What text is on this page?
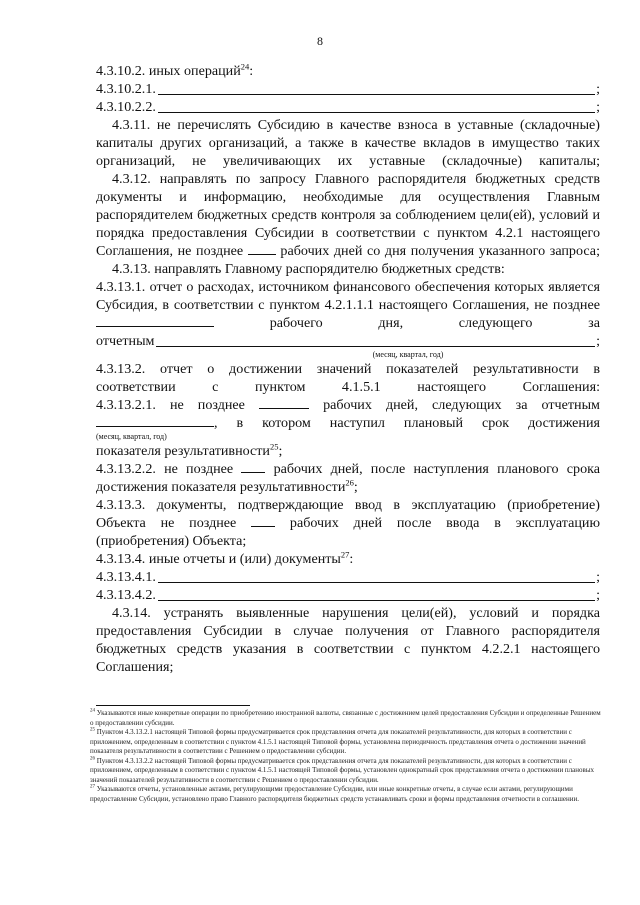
8
4.3.10.2. иных операций$^{24}$:
4.3.10.2.1.	;
4.3.10.2.2.	;
4.3.11. не перечислять Субсидию в качестве взноса в уставные (складочные) капиталы других организаций, а также в качестве вкладов в имущество таких организаций, не увеличивающих их уставные (складочные) капиталы;
4.3.12. направлять по запросу Главного распорядителя бюджетных средств документы и информацию, необходимые для осуществления Главным распорядителем бюджетных средств контроля за соблюдением цели(ей), условий и порядка предоставления Субсидии в соответствии с пунктом 4.2.1 настоящего Соглашения, не позднее	рабочих дней со дня получения указанного запроса;
4.3.13. направлять Главному распорядителю бюджетных средств:
4.3.13.1. отчет о расходах, источником финансового обеспечения которых является Субсидия, в соответствии с пунктом 4.2.1.1.1 настоящего Соглашения, не позднее  рабочего дня, следующего за
отчетным	;
(месяц, квартал, год)
4.3.13.2. отчет о достижении значений показателей результативности в соответствии с пунктом 4.1.5.1 настоящего Соглашения:
4.3.13.2.1. не позднее	рабочих дней, следующих за отчетным
, в котором наступил плановый срок достижения
(месяц, квартал, год)
показателя результативности$^{25}$;
4.3.13.2.2. не позднее	рабочих дней, после наступления планового срока
достижения показателя результативности$^{26}$;
4.3.13.3. документы, подтверждающие ввод в эксплуатацию (приобретение) Объекта не позднее	рабочих дней после ввода в эксплуатацию
(приобретения) Объекта;
4.3.13.4. иные отчеты и (или) документы$^{27}$:
4.3.13.4.1.	;
4.3.13.4.2.	;
4.3.14. устранять выявленные нарушения цели(ей), условий и порядка предоставления Субсидии в случае получения от Главного распорядителя бюджетных средств указания в соответствии с пунктом 4.2.2.1 настоящего Соглашения;

$^{24}$ Указываются иные конкретные операции по приобретению иностранной валюты, связанные с достижением целей предоставления Субсидии и определенные Решением о предоставлении субсидии.

$^{25}$ Пунктом 4.3.13.2.1 настоящей Типовой формы предусматривается срок представления отчета для показателей результативности, для которых в соответствии с приложением, определенным в соответствии с пунктом 4.1.5.1 настоящей Типовой формы, установлена периодичность представления отчета о достижении значений показателя результативности в соответствии с Решением о предоставлении субсидии.

$^{26}$ Пунктом 4.3.13.2.2 настоящей Типовой формы предусматривается срок представления отчета для показателей результативности, для которых в соответствии с приложением, определенным в соответствии с пунктом 4.1.5.1 настоящей Типовой формы, установлен однократный срок представления отчета о достижении плановых значений показателей результативности в соответствии с Решением о предоставлении субсидии.

$^{27}$ Указываются отчеты, установленные актами, регулирующими предоставление Субсидии, или иные конкретные отчеты, в случае если актами, регулирующими предоставление Субсидии, установлено право Главного распорядителя бюджетных средств устанавливать сроки и формы представления отчетности в соглашении.
